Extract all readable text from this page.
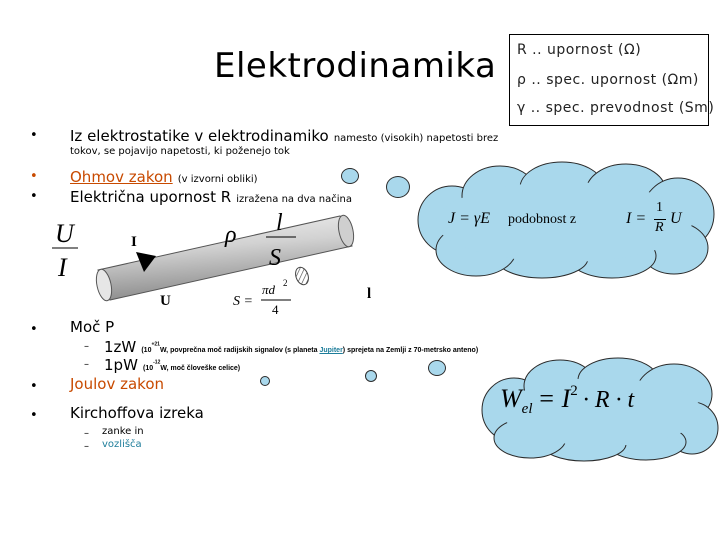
Elektrodinamika R .. upornost (Ω)
ρ .. spec. upornost (Ωm)
γ .. spec. prevodnost (Sm)
J = γE podobnost z	I =
1
R
U
Wel = I2 · R · t
• Iz elektrostatike v elektrodinamiko namesto (visokih) napetosti brez
tokov, se pojavijo napetosti, ki poženejo tok
• Ohmov zakon (v izvorni obliki)
• Električna upornost R izražena na dva načina
U
I
I
U	l
ρ l
S
S =
πd 2
4
• Moč P
– 1zW ($10^{+21}W$, povprečna moč radijskih signalov (s planeta Jupiter) sprejeta na Zemlji z 70-metrsko anteno)
– 1pW ($10^{-12}W$, moč človeške celice)
• Joulov zakon
• Kirchoffova izreka
– zanke in
– vozlišča
